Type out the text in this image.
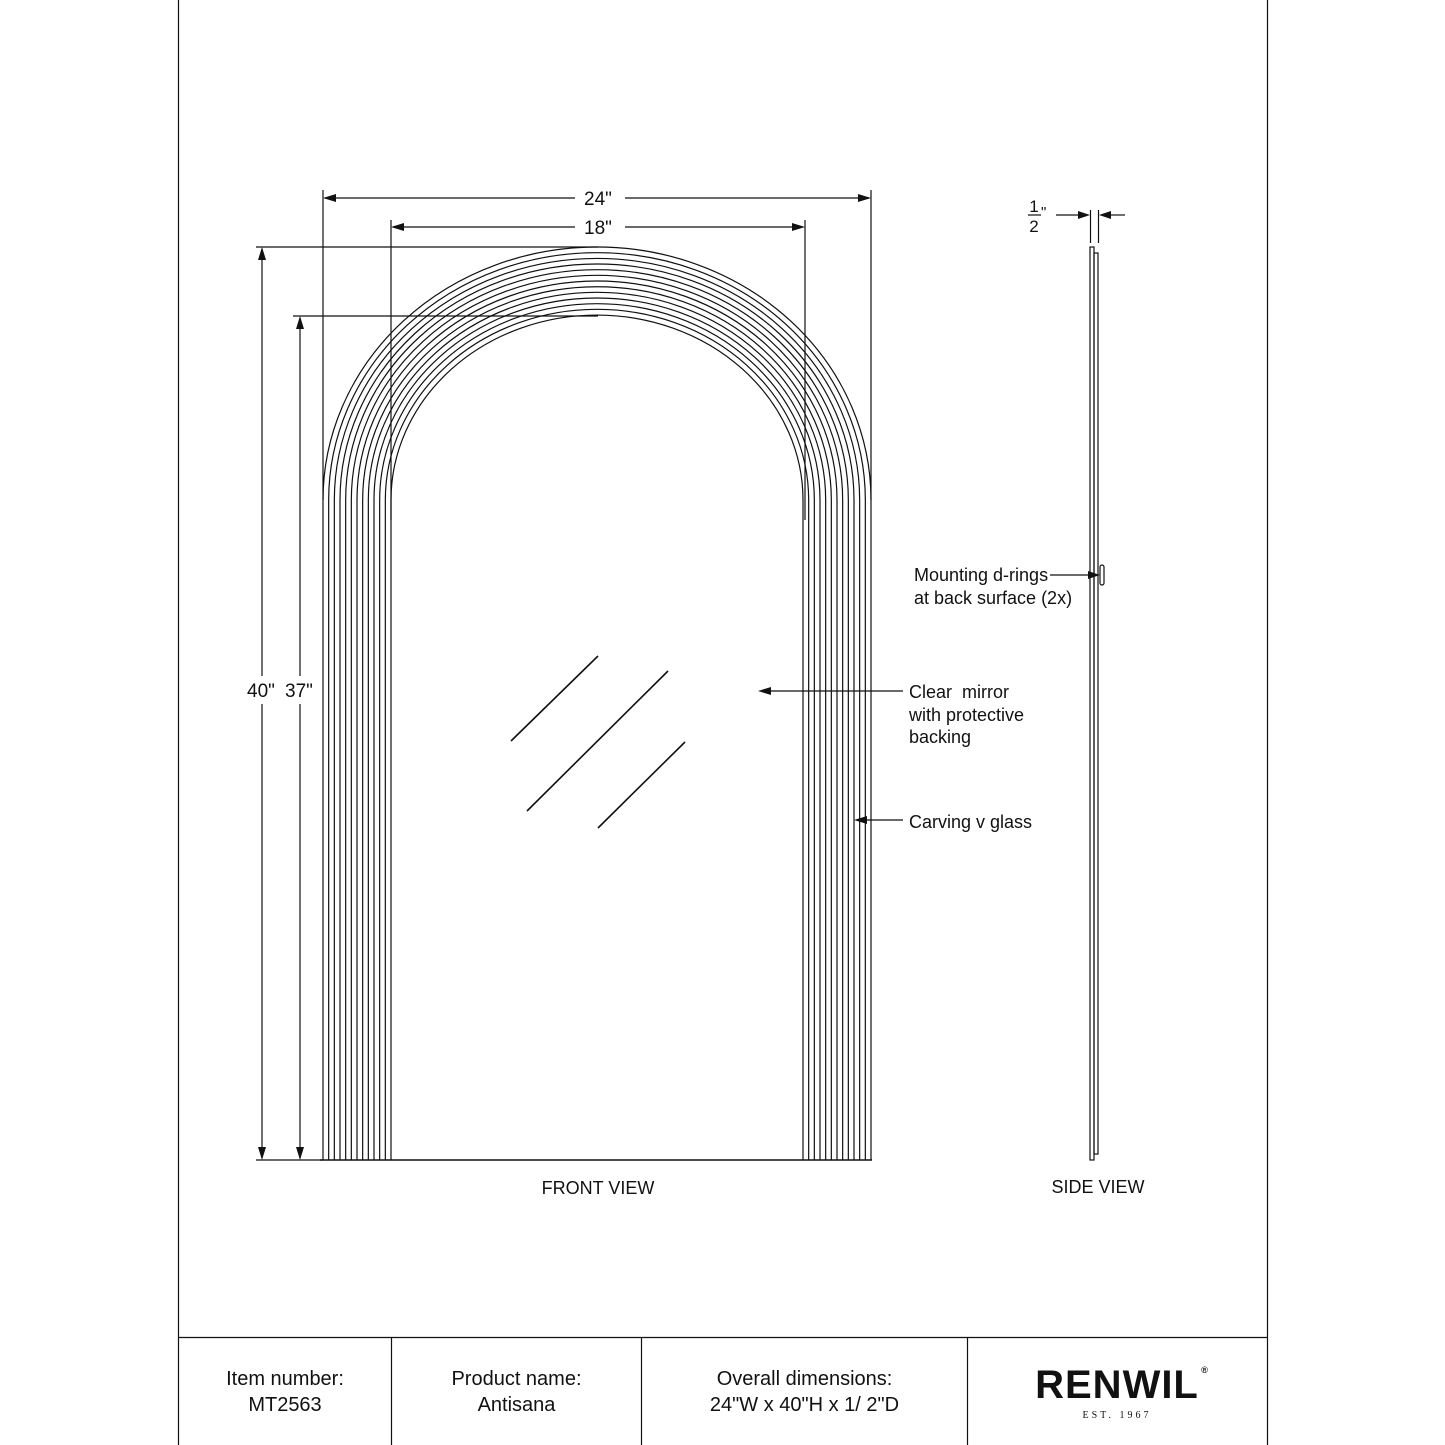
24"
18"
40" 37"	Clear  mirror
with protective
backing
Carving v glass
1
2
"
Mounting d-rings
at back surface (2x)
FRONT VIEW	SIDE VIEW
Item number:
MT2563
Product name:
Antisana
Overall dimensions:
24"W x 40"H x 1/ 2"D	RENWIL ®
EST. 1967
